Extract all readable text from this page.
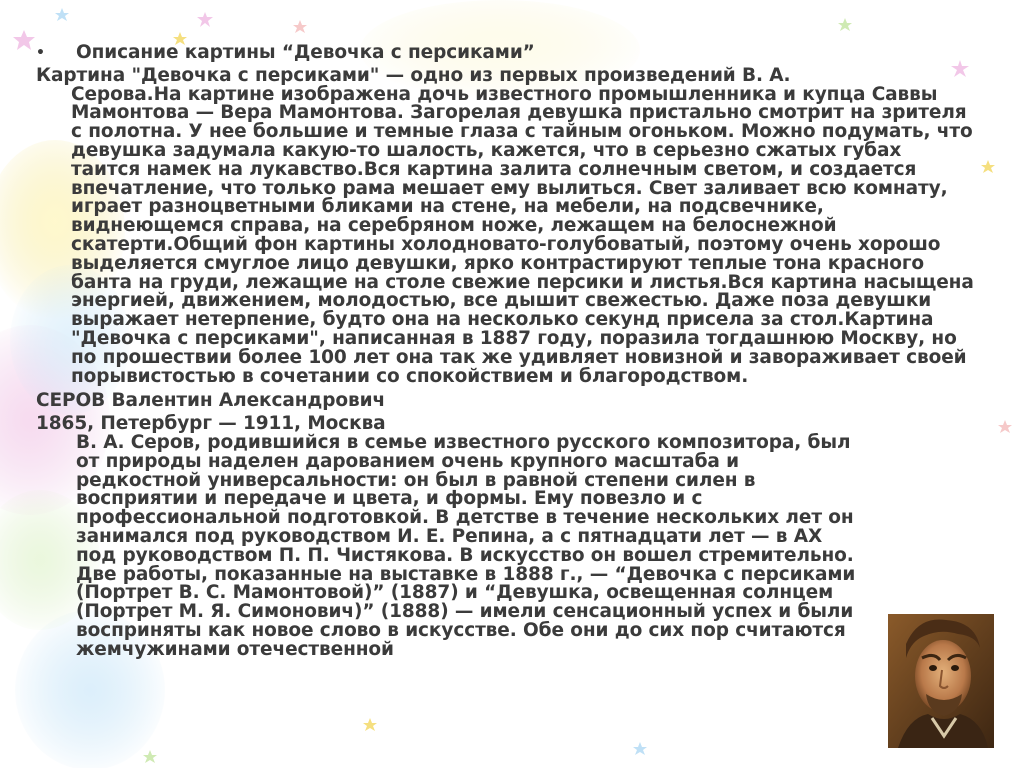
• Описание картины “Девочка с персиками”
Картина "Девочка с персиками" — одно из первых произведений В. А.
Серова.На картине изображена дочь известного промышленника и купца Саввы Мамонтова — Вера Мамонтова. Загорелая девушка пристально смотрит на зрителя с полотна. У нее большие и темные глаза с тайным огоньком. Можно подумать, что девушка задумала какую-то шалость, кажется, что в серьезно сжатых губах таится намек на лукавство.Вся картина залита солнечным светом, и создается впечатление, что только рама мешает ему вылиться. Свет заливает всю комнату, играет разноцветными бликами на стене, на мебели, на подсвечнике, виднеющемся справа, на серебряном ноже, лежащем на белоснежной скатерти.Общий фон картины холодновато-голубоватый, поэтому очень хорошо выделяется смуглое лицо девушки, ярко контрастируют теплые тона красного банта на груди, лежащие на столе свежие персики и листья.Вся картина насыщена энергией, движением, молодостью, все дышит свежестью. Даже поза девушки выражает нетерпение, будто она на несколько секунд присела за стол.Картина "Девочка с персиками", написанная в 1887 году, поразила тогдашнюю Москву, но по прошествии более 100 лет она так же удивляет новизной и завораживает своей порывистостью в сочетании со спокойствием и благородством.
СЕРОВ Валентин Александрович
1865, Петербург — 1911, Москва
В. А. Серов, родившийся в семье известного русского композитора, был от природы наделен дарованием очень крупного масштаба и редкостной универсальности: он был в равной степени силен в восприятии и передаче и цвета, и формы. Ему повезло и с профессиональной подготовкой. В детстве в течение нескольких лет он занимался под руководством И. Е. Репина, а с пятнадцати лет — в АХ под руководством П. П. Чистякова. В искусство он вошел стремительно. Две работы, показанные на выставке в 1888 г., — “Девочка с персиками (Портрет В. С. Мамонтовой)” (1887) и “Девушка, освещенная солнцем (Портрет М. Я. Симонович)” (1888) — имели сенсационный успех и были восприняты как новое слово в искусстве. Обе они до сих пор считаются жемчужинами отечественной
